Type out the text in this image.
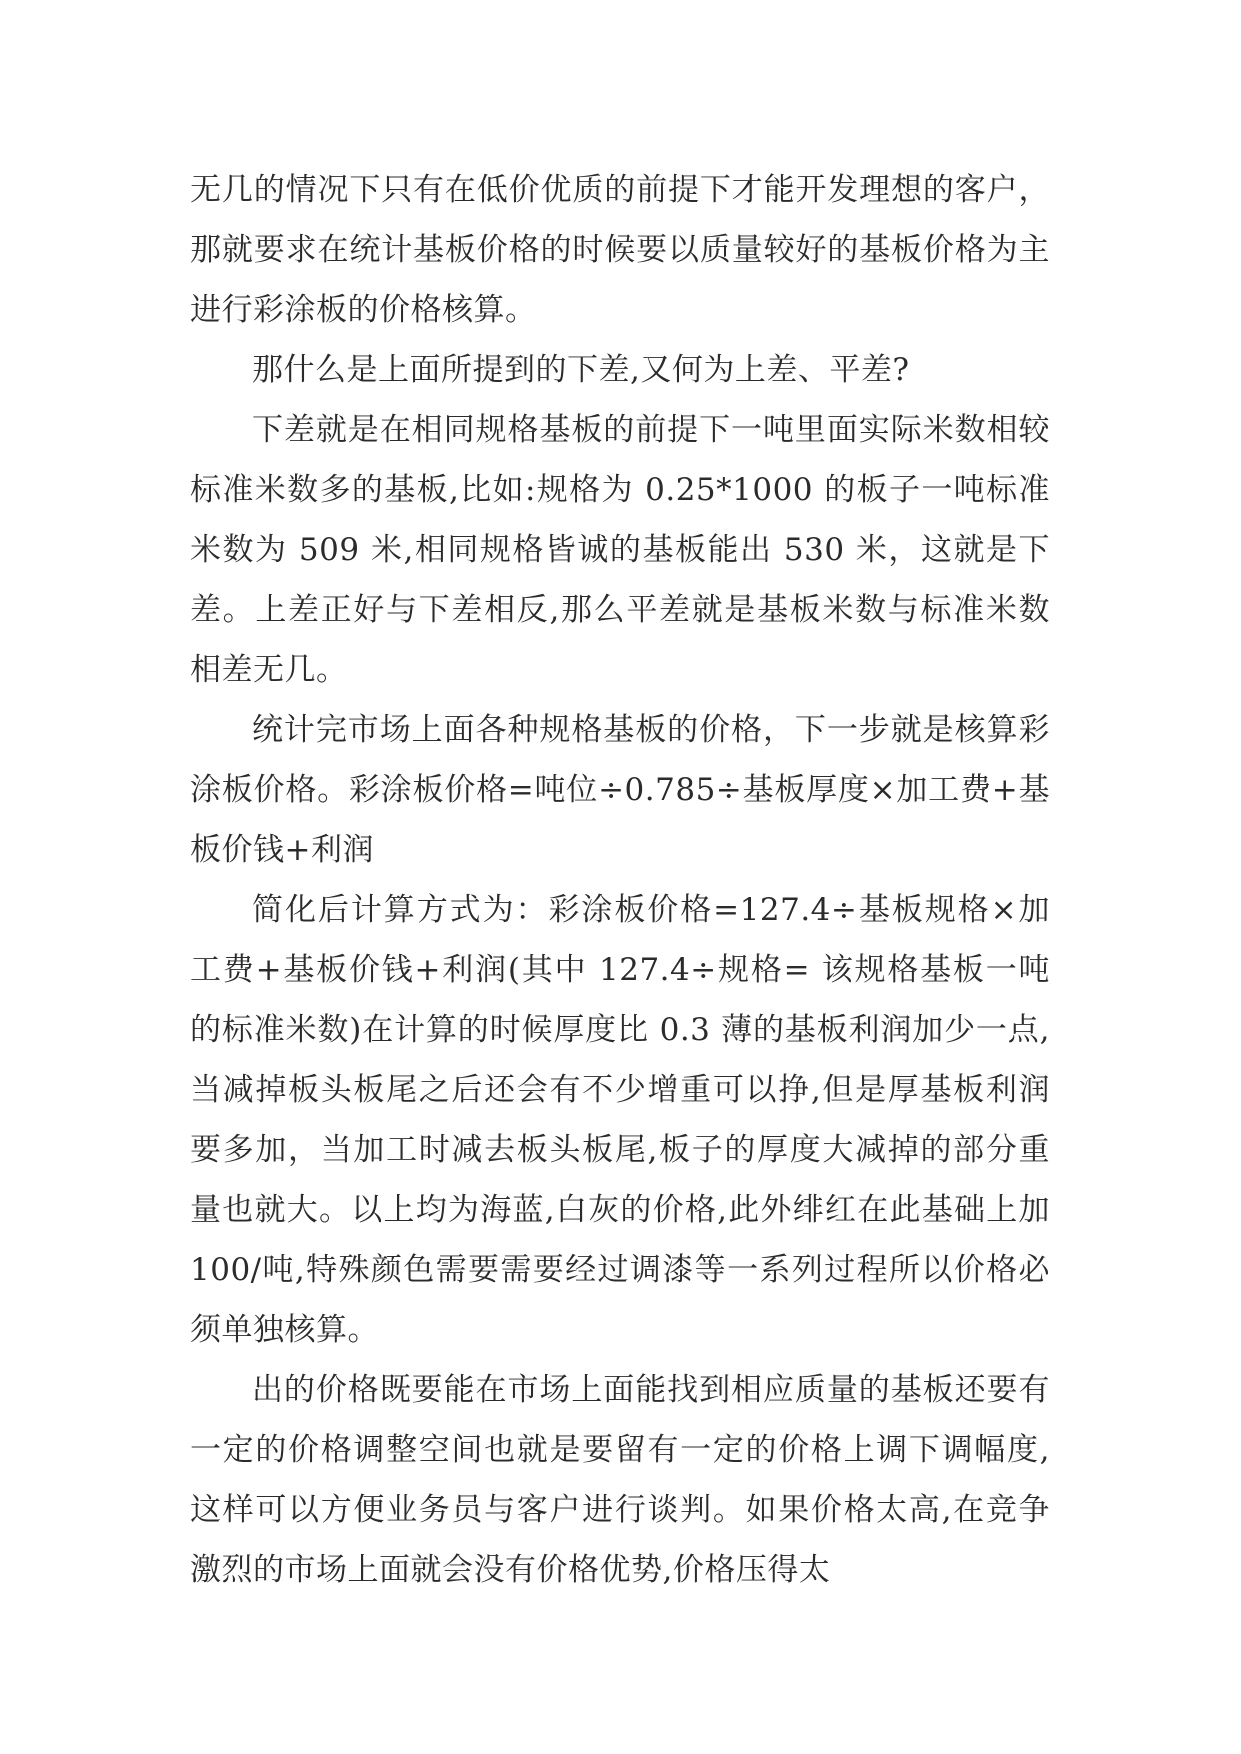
无几的情况下只有在低价优质的前提下才能开发理想的客户，那就要求在统计基板价格的时候要以质量较好的基板价格为主进行彩涂板的价格核算。

那什么是上面所提到的下差,又何为上差、平差?

下差就是在相同规格基板的前提下一吨里面实际米数相较标准米数多的基板,比如:规格为 0.25*1000 的板子一吨标准米数为 509 米,相同规格皆诚的基板能出 530 米，这就是下差。上差正好与下差相反,那么平差就是基板米数与标准米数相差无几。

统计完市场上面各种规格基板的价格，下一步就是核算彩涂板价格。彩涂板价格=吨位÷0.785÷基板厚度×加工费+基板价钱+利润

简化后计算方式为：彩涂板价格=127.4÷基板规格×加工费+基板价钱+利润(其中 127.4÷规格= 该规格基板一吨的标准米数)在计算的时候厚度比 0.3 薄的基板利润加少一点,当减掉板头板尾之后还会有不少增重可以挣,但是厚基板利润要多加，当加工时减去板头板尾,板子的厚度大减掉的部分重量也就大。以上均为海蓝,白灰的价格,此外绯红在此基础上加 100/吨,特殊颜色需要需要经过调漆等一系列过程所以价格必须单独核算。

出的价格既要能在市场上面能找到相应质量的基板还要有一定的价格调整空间也就是要留有一定的价格上调下调幅度,这样可以方便业务员与客户进行谈判。如果价格太高,在竞争激烈的市场上面就会没有价格优势,价格压得太
